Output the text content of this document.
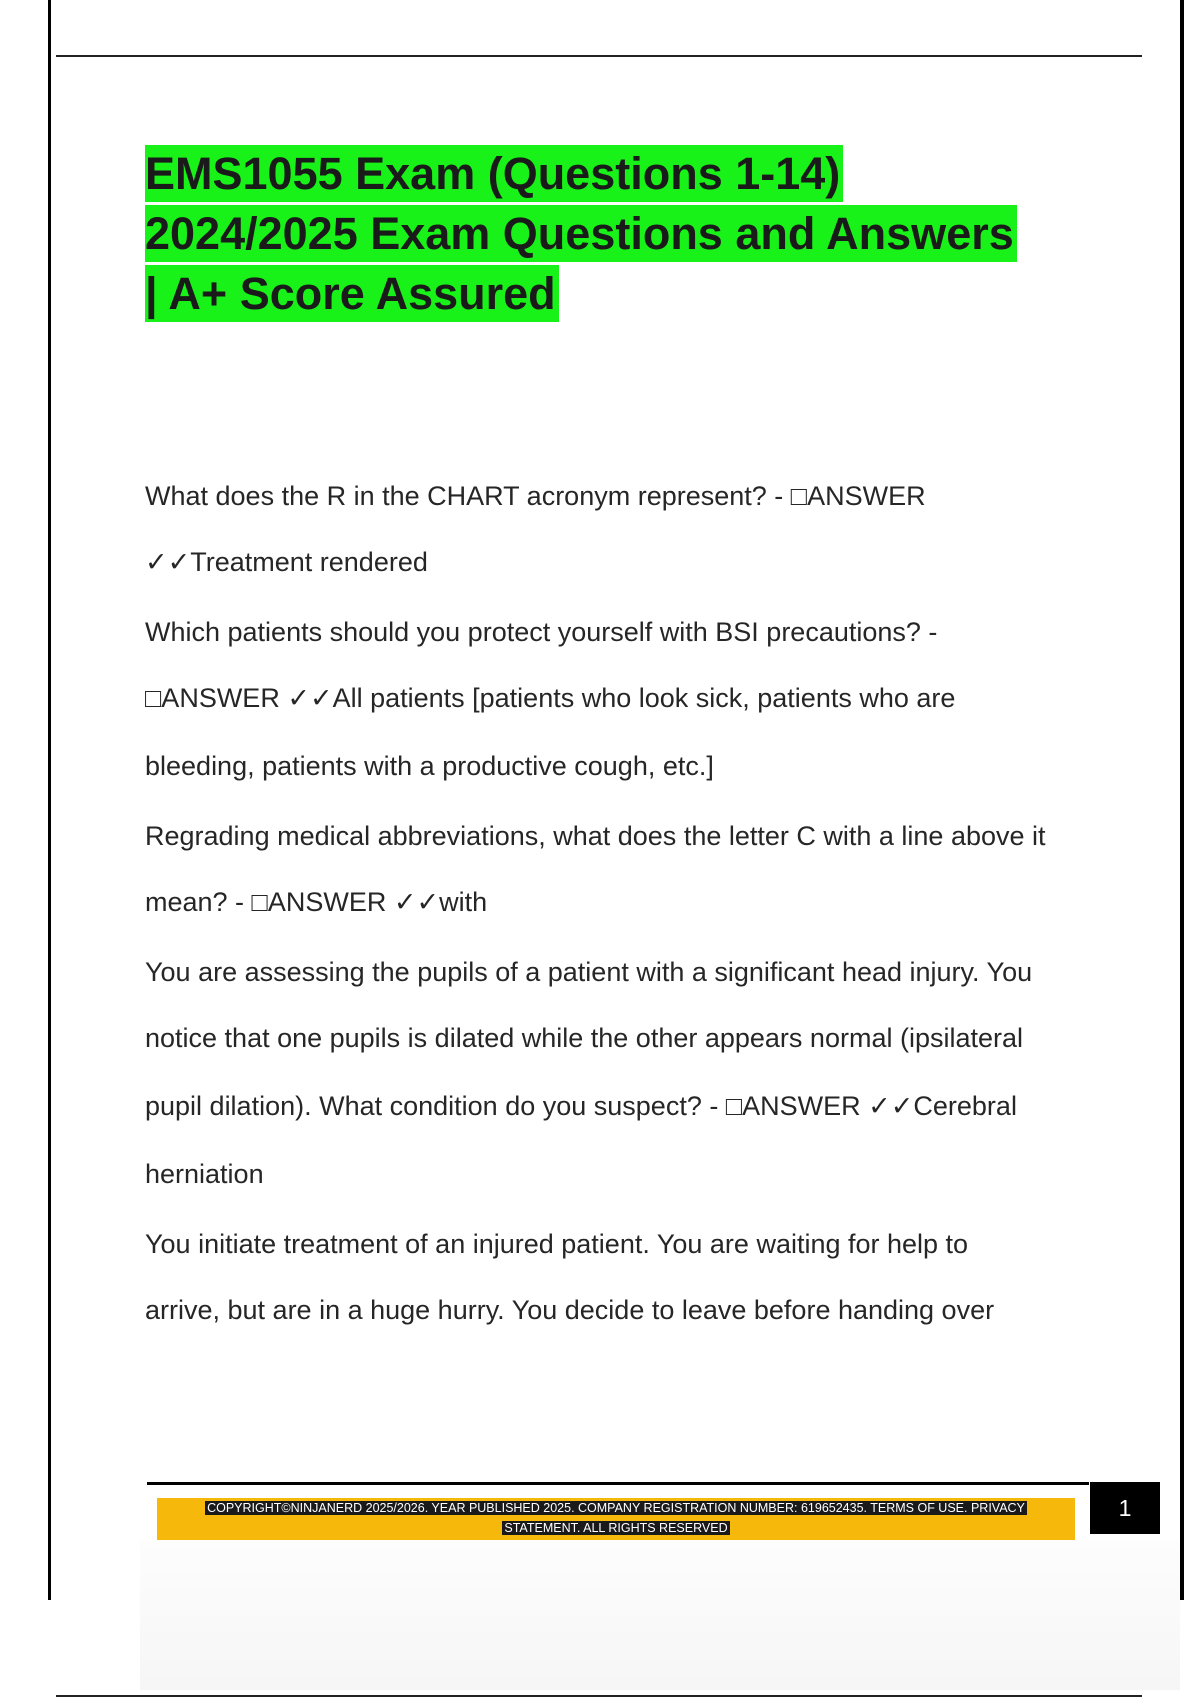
EMS1055 Exam (Questions 1-14)
2024/2025 Exam Questions and Answers
| A+ Score Assured
What does the R in the CHART acronym represent? - □ANSWER
✓✓Treatment rendered
Which patients should you protect yourself with BSI precautions? -
□ANSWER ✓✓All patients [patients who look sick, patients who are
bleeding, patients with a productive cough, etc.]
Regrading medical abbreviations, what does the letter C with a line above it
mean? - □ANSWER ✓✓with
You are assessing the pupils of a patient with a significant head injury. You
notice that one pupils is dilated while the other appears normal (ipsilateral
pupil dilation). What condition do you suspect? - □ANSWER ✓✓Cerebral
herniation
You initiate treatment of an injured patient. You are waiting for help to
arrive, but are in a huge hurry. You decide to leave before handing over
COPYRIGHT©NINJANERD 2025/2026. YEAR PUBLISHED 2025. COMPANY REGISTRATION NUMBER: 619652435. TERMS OF USE. PRIVACY
STATEMENT. ALL RIGHTS RESERVED
1
